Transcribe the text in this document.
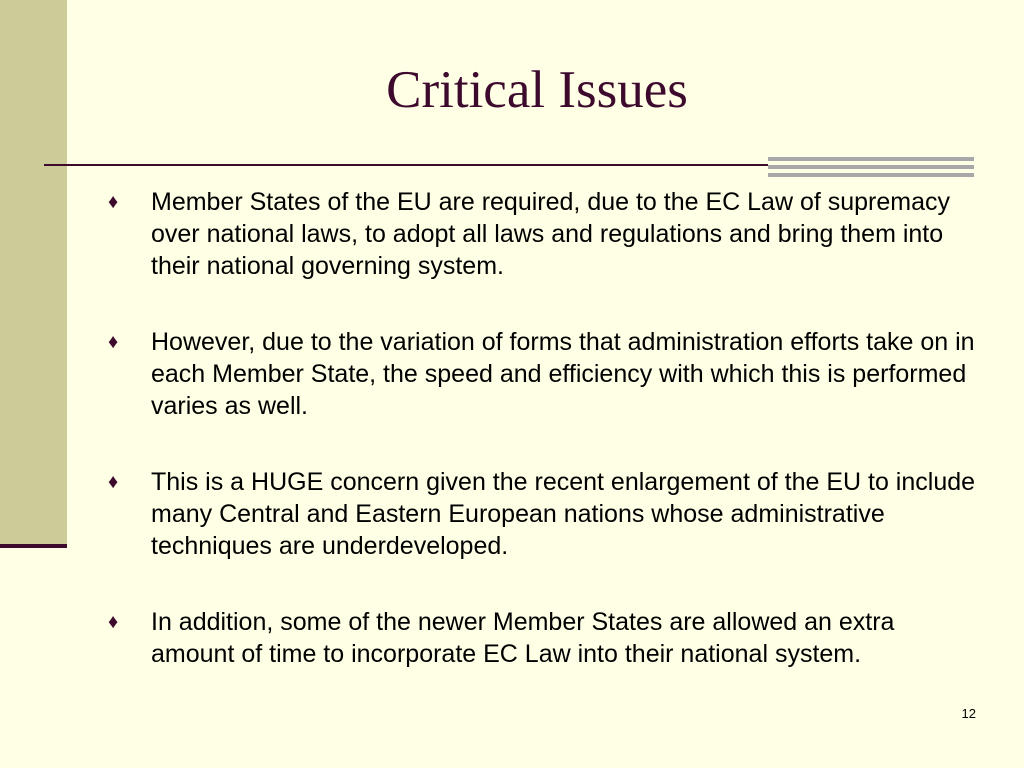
Critical Issues
♦	Member States of the EU are required, due to the EC Law of supremacy over national laws, to adopt all laws and regulations and bring them into their national governing system.
♦	However, due to the variation of forms that administration efforts take on in each Member State, the speed and efficiency with which this is performed varies as well.
♦	This is a HUGE concern given the recent enlargement of the EU to include many Central and Eastern European nations whose administrative techniques are underdeveloped.
♦	In addition, some of the newer Member States are allowed an extra amount of time to incorporate EC Law into their national system.
12
